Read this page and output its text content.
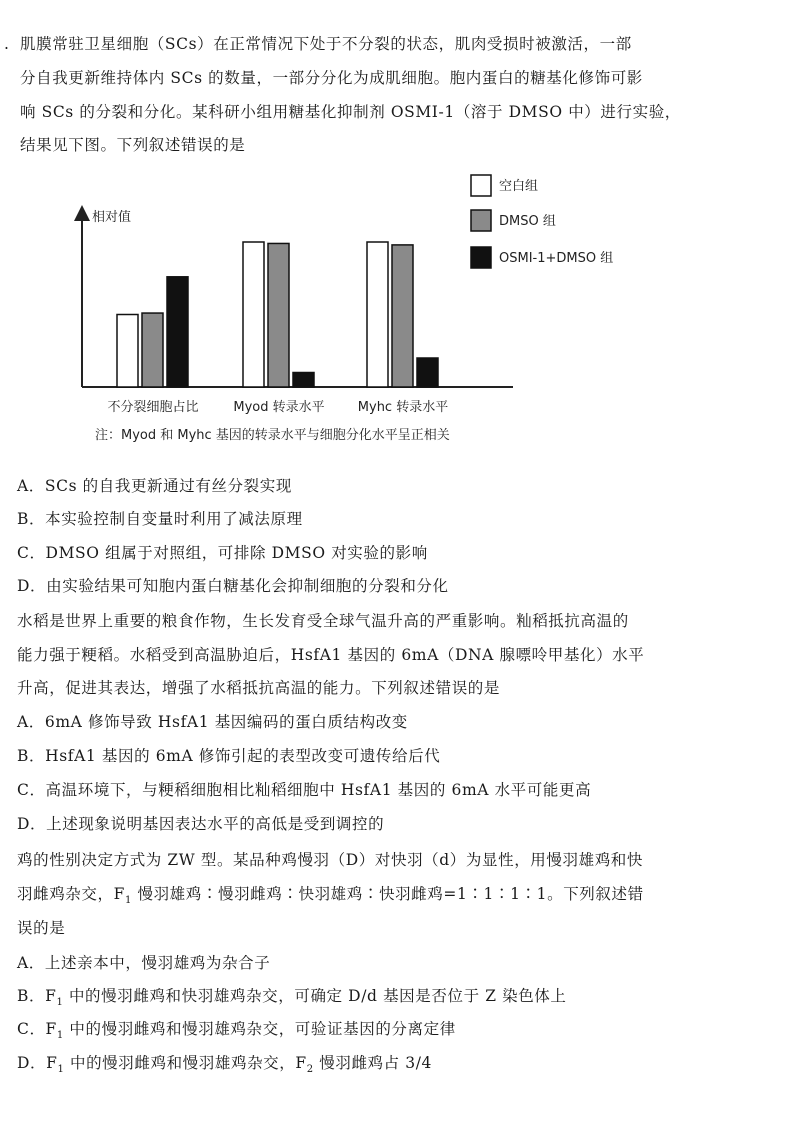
. 肌膜常驻卫星细胞（SCs）在正常情况下处于不分裂的状态，肌肉受损时被激活，一部
分自我更新维持体内 SCs 的数量，一部分分化为成肌细胞。胞内蛋白的糖基化修饰可影
响 SCs 的分裂和分化。某科研小组用糖基化抑制剂 OSMI-1（溶于 DMSO 中）进行实验，
结果见下图。下列叙述错误的是
相对值
不分裂细胞占比	Myod 转录水平	Myhc 转录水平
空白组
DMSO 组
OSMI-1+DMSO 组
注：Myod 和 Myhc 基因的转录水平与细胞分化水平呈正相关
A．SCs 的自我更新通过有丝分裂实现
B．本实验控制自变量时利用了减法原理
C．DMSO 组属于对照组，可排除 DMSO 对实验的影响
D．由实验结果可知胞内蛋白糖基化会抑制细胞的分裂和分化
水稻是世界上重要的粮食作物，生长发育受全球气温升高的严重影响。籼稻抵抗高温的
能力强于粳稻。水稻受到高温胁迫后，HsfA1 基因的 6mA（DNA 腺嘌呤甲基化）水平
升高，促进其表达，增强了水稻抵抗高温的能力。下列叙述错误的是
A．6mA 修饰导致 HsfA1 基因编码的蛋白质结构改变
B．HsfA1 基因的 6mA 修饰引起的表型改变可遗传给后代
C．高温环境下，与粳稻细胞相比籼稻细胞中 HsfA1 基因的 6mA 水平可能更高
D．上述现象说明基因表达水平的高低是受到调控的
鸡的性别决定方式为 ZW 型。某品种鸡慢羽（D）对快羽（d）为显性，用慢羽雄鸡和快
羽雌鸡杂交，$F_1$ 慢羽雄鸡∶慢羽雌鸡∶快羽雄鸡∶快羽雌鸡=1∶1∶1∶1。下列叙述错
误的是
A．上述亲本中，慢羽雄鸡为杂合子
B．$F_1$ 中的慢羽雌鸡和快羽雄鸡杂交，可确定 D/d 基因是否位于 Z 染色体上
C．$F_1$ 中的慢羽雌鸡和慢羽雄鸡杂交，可验证基因的分离定律
D．$F_1$ 中的慢羽雌鸡和慢羽雄鸡杂交，$F_2$ 慢羽雌鸡占 3/4
